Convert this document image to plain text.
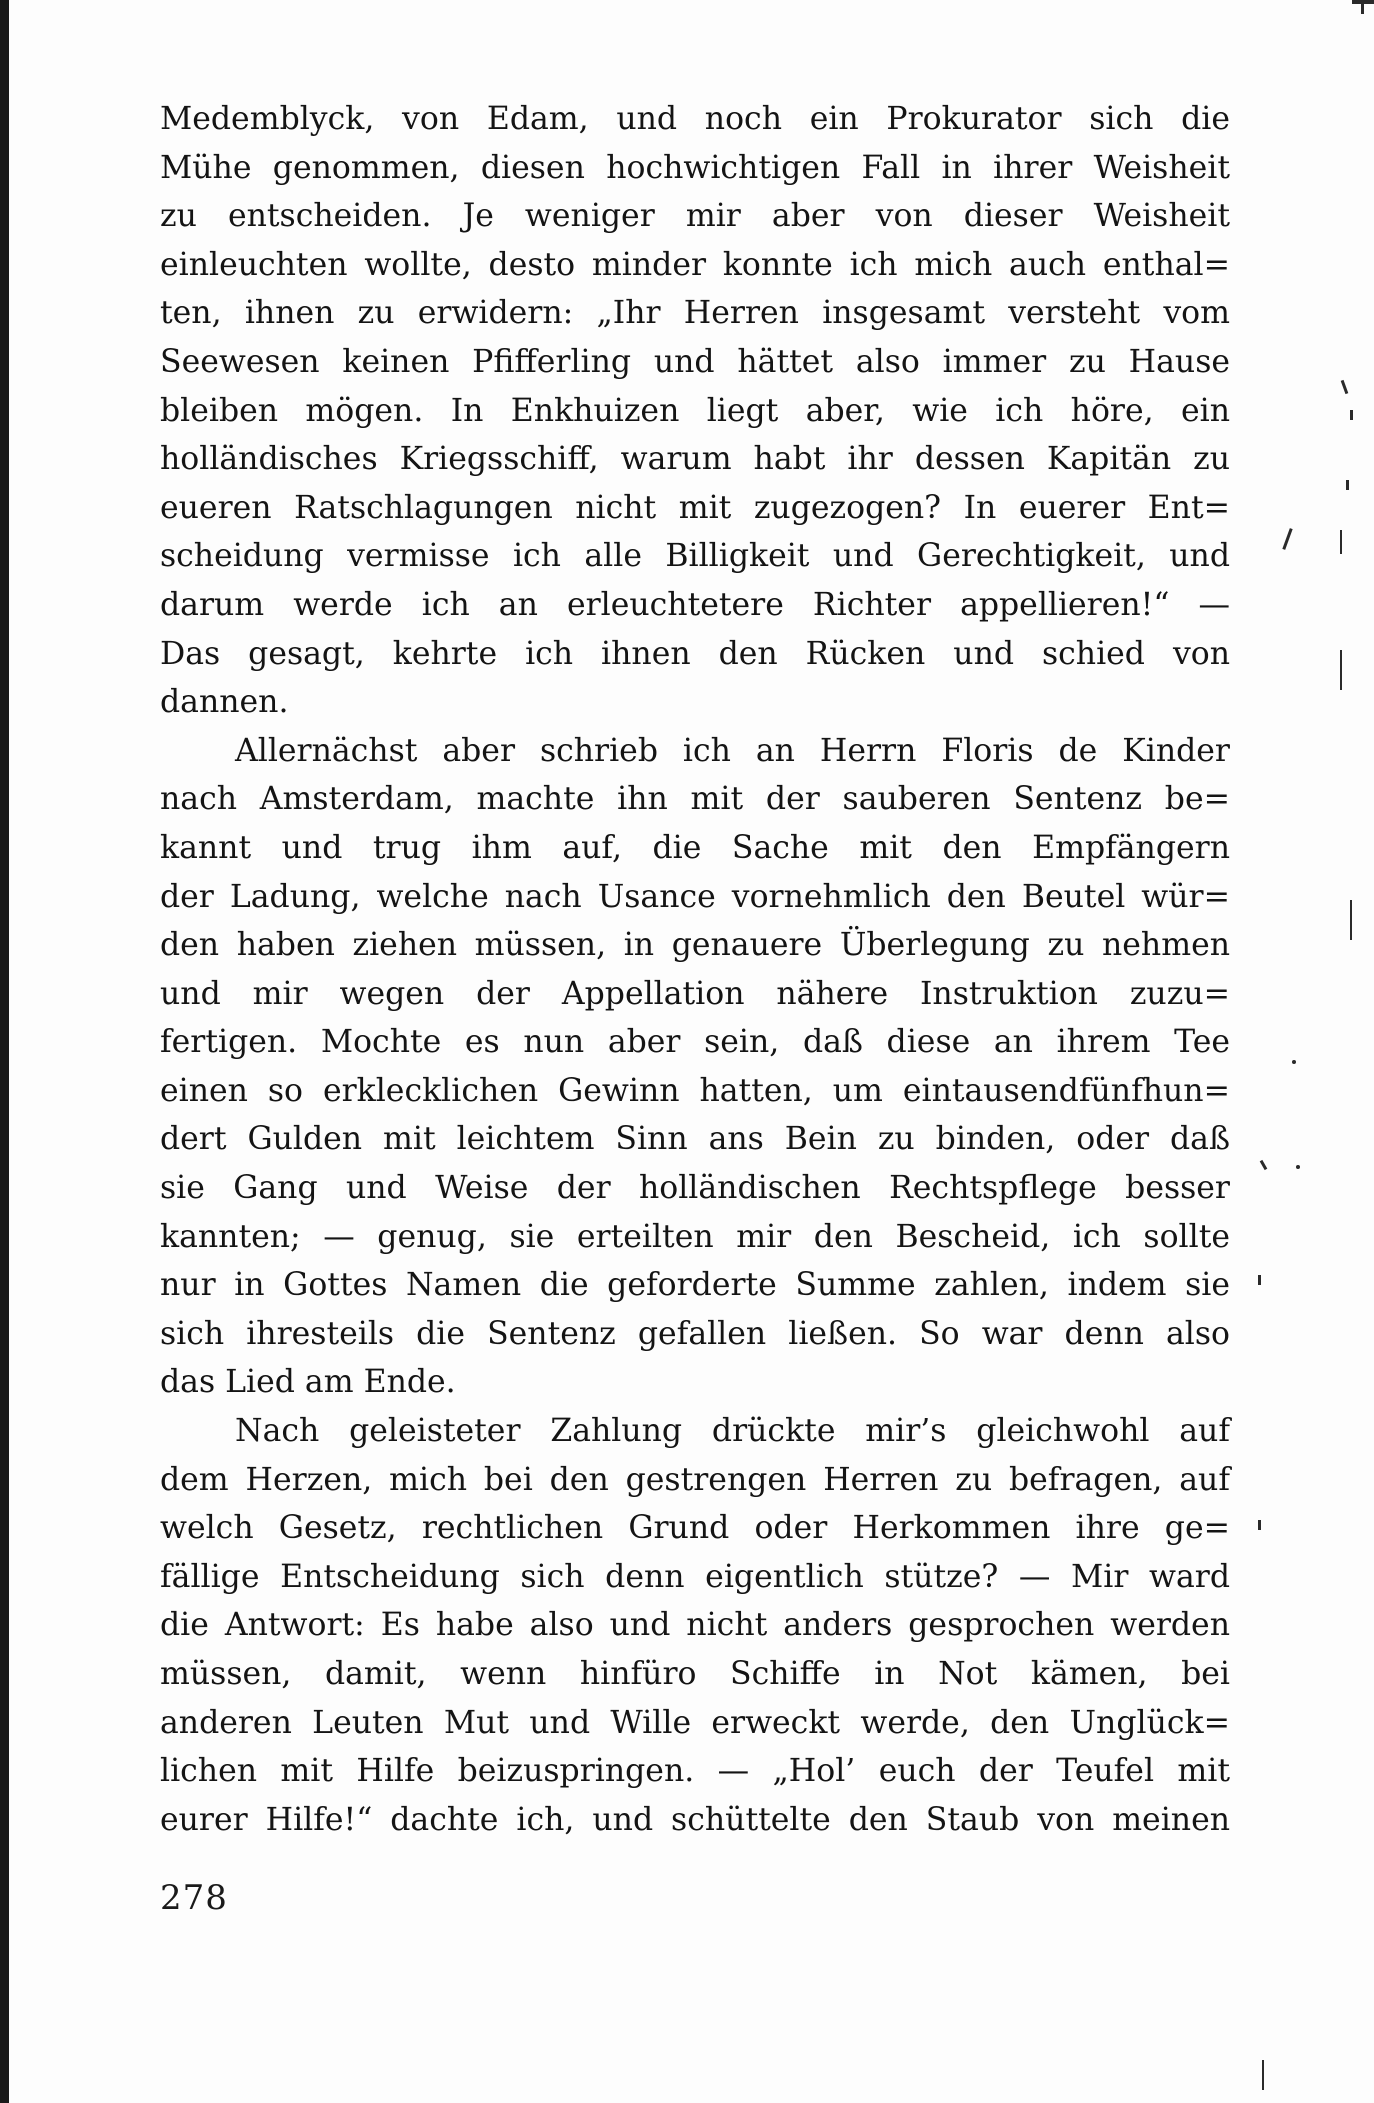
Medemblyck, von Edam, und noch ein Prokurator sich die
Mühe genommen, diesen hochwichtigen Fall in ihrer Weisheit
zu entscheiden. Je weniger mir aber von dieser Weisheit
einleuchten wollte, desto minder konnte ich mich auch enthal=
ten, ihnen zu erwidern: „Ihr Herren insgesamt versteht vom
Seewesen keinen Pfifferling und hättet also immer zu Hause
bleiben mögen. In Enkhuizen liegt aber, wie ich höre, ein
holländisches Kriegsschiff, warum habt ihr dessen Kapitän zu
eueren Ratschlagungen nicht mit zugezogen? In euerer Ent=
scheidung vermisse ich alle Billigkeit und Gerechtigkeit, und
darum werde ich an erleuchtetere Richter appellieren!“ —
Das gesagt, kehrte ich ihnen den Rücken und schied von
dannen.
Allernächst aber schrieb ich an Herrn Floris de Kinder
nach Amsterdam, machte ihn mit der sauberen Sentenz be=
kannt und trug ihm auf, die Sache mit den Empfängern
der Ladung, welche nach Usance vornehmlich den Beutel wür=
den haben ziehen müssen, in genauere Überlegung zu nehmen
und mir wegen der Appellation nähere Instruktion zuzu=
fertigen. Mochte es nun aber sein, daß diese an ihrem Tee
einen so erklecklichen Gewinn hatten, um eintausendfünfhun=
dert Gulden mit leichtem Sinn ans Bein zu binden, oder daß
sie Gang und Weise der holländischen Rechtspflege besser
kannten; — genug, sie erteilten mir den Bescheid, ich sollte
nur in Gottes Namen die geforderte Summe zahlen, indem sie
sich ihresteils die Sentenz gefallen ließen. So war denn also
das Lied am Ende.
Nach geleisteter Zahlung drückte mir’s gleichwohl auf
dem Herzen, mich bei den gestrengen Herren zu befragen, auf
welch Gesetz, rechtlichen Grund oder Herkommen ihre ge=
fällige Entscheidung sich denn eigentlich stütze? — Mir ward
die Antwort: Es habe also und nicht anders gesprochen werden
müssen, damit, wenn hinfüro Schiffe in Not kämen, bei
anderen Leuten Mut und Wille erweckt werde, den Unglück=
lichen mit Hilfe beizuspringen. — „Hol’ euch der Teufel mit
eurer Hilfe!“ dachte ich, und schüttelte den Staub von meinen
278
